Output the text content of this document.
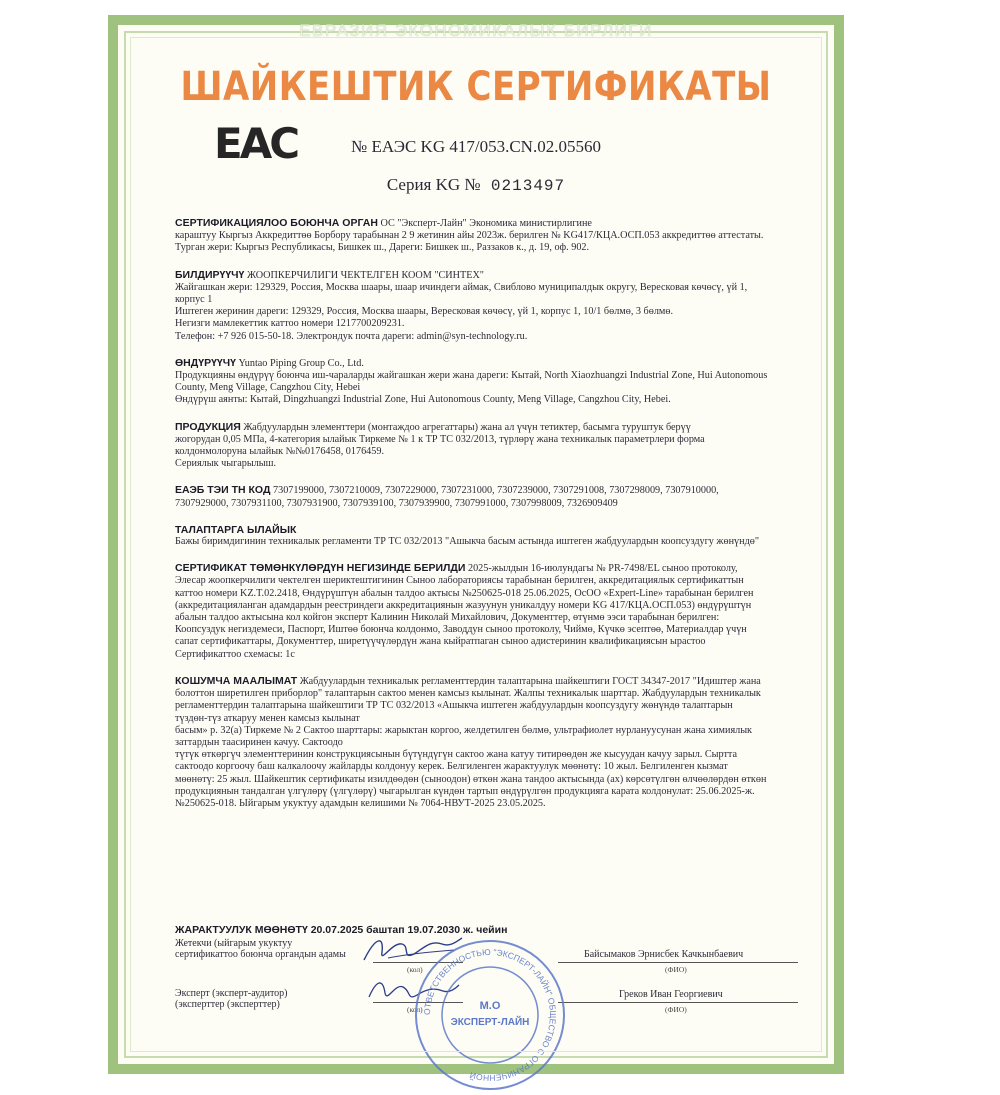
ЕВРАЗИЯ ЭКОНОМИКАЛЫК БИРЛИГИ
ШАЙКЕШТИК СЕРТИФИКАТЫ
EAC	№ ЕАЭС KG 417/053.CN.02.05560
Серия KG № 0213497

СЕРТИФИКАЦИЯЛОО БОЮНЧА ОРГАН ОС "Эксперт-Лайн" Экономика министирлигине

караштуу Кыргыз Аккредиттөө Борбору тарабынан 2 9 жетинин айы 2023ж. берилген № KG417/КЦА.ОСП.053 аккредиттөө аттестаты.

Турган жери: Кыргыз Республикасы, Бишкек ш., Дареги: Бишкек ш., Раззаков к., д. 19, оф. 902.

БИЛДИРҮҮЧҮ ЖООПКЕРЧИЛИГИ ЧЕКТЕЛГЕН КООМ "СИНТЕХ"

Жайгашкан жери: 129329, Россия, Москва шаары, шаар ичиндеги аймак, Свиблово муниципалдык округу, Вересковая көчөсү, үй 1,

корпус 1

Иштеген жеринин дареги: 129329, Россия, Москва шаары, Вересковая көчөсү, үй 1, корпус 1, 10/1 бөлмө, 3 бөлмө.

Негизги мамлекеттик каттоо номери 1217700209231.

Телефон: +7 926 015-50-18. Электрондук почта дареги: admin@syn-technology.ru.

ӨНДҮРҮҮЧҮ Yuntao Piping Group Co., Ltd.

Продукцияны өндүрүү боюнча иш-чараларды жайгашкан жери жана дареги: Кытай, North Xiaozhuangzi Industrial Zone, Hui Autonomous

County, Meng Village, Cangzhou City, Hebei

Өндүрүш аянты: Кытай, Dingzhuangzi Industrial Zone, Hui Autonomous County, Meng Village, Cangzhou City, Hebei.

ПРОДУКЦИЯ Жабдуулардын элементтери (монтаждоо агрегаттары) жана ал үчүн тетиктер, басымга туруштук берүү

жогорудан 0,05 МПа, 4-категория ылайык Тиркеме № 1 к ТР ТС 032/2013, түрлөрү жана техникалык параметрлери форма

колдонмолоруна ылайык №№0176458, 0176459.

Сериялык чыгарылыш.

ЕАЭБ ТЭИ ТН КОД 7307199000, 7307210009, 7307229000, 7307231000, 7307239000, 7307291008, 7307298009, 7307910000,

7307929000, 7307931100, 7307931900, 7307939100, 7307939900, 7307991000, 7307998009, 7326909409

ТАЛАПТАРГА ЫЛАЙЫК

Бажы биримдигинин техникалык регламенти ТР ТС 032/2013 "Ашыкча басым астында иштеген жабдуулардын коопсуздугу жөнүндө"

СЕРТИФИКАТ ТӨМӨНКҮЛӨРДҮН НЕГИЗИНДЕ БЕРИЛДИ 2025-жылдын 16-июлундагы № PR-7498/EL сыноо протоколу,

Элесар жоопкерчилиги чектелген шериктештигинин Сыноо лабораториясы тарабынан берилген, аккредитациялык сертификаттын

каттоо номери KZ.T.02.2418, Өндүрүштүн абалын талдоо актысы №250625-018 25.06.2025, ОсОО «Expert-Line» тарабынан берилген

(аккредитацияланган адамдардын реестриндеги аккредитациянын жазуунун уникалдуу номери KG 417/КЦА.ОСП.053) өндүрүштүн

абалын талдоо актысына кол койгон эксперт Калинин Николай Михайлович, Документтер, өтүнмө ээси тарабынан берилген:

Коопсуздук негиздемеси, Паспорт, Иштөө боюнча колдонмо, Заводдун сыноо протоколу, Чиймө, Күчкө эсептөө, Материалдар үчүн

сапат сертификаттары, Документтер, ширетүүчүлөрдүн жана кыйратпаган сыноо адистеринин квалификациясын ырастоо

Сертификаттоо схемасы: 1с

КОШУМЧА МААЛЫМАТ Жабдуулардын техникалык регламенттердин талаптарына шайкештиги ГОСТ 34347-2017 "Идиштер жана

болоттон ширетилген приборлор" талаптарын сактоо менен камсыз кылынат. Жалпы техникалык шарттар. Жабдуулардын техникалык

регламенттердин талаптарына шайкештиги ТР ТС 032/2013 «Ашыкча иштеген жабдуулардын коопсуздугу жөнүндө талаптарын

түздөн-түз аткаруу менен камсыз кылынат

басым» р. 32(а) Тиркеме № 2 Сактоо шарттары: жарыктан коргоо, желдетилген бөлмө, ультрафиолет нурлануусунан жана химиялык

заттардын таасиринен качуу. Сактоодо

түтүк өткөргүч элементтеринин конструкциясынын бүтүндүгүн сактоо жана катуу титирөөдөн же кысуудан качуу зарыл. Сыртта

сактоодо коргоочу баш калкалоочу жайларды колдонуу керек. Белгиленген жарактуулук мөөнөтү: 10 жыл. Белгиленген кызмат

мөөнөтү: 25 жыл. Шайкештик сертификаты изилдөөдөн (сыноодон) өткөн жана тандоо актысында (ах) көрсөтүлгөн өлчөөлөрдөн өткөн

продукциянын тандалган үлгүлөрү (үлгүлөрү) чыгарылган күндөн тартып өндүрүлгөн продукцияга карата колдонулат: 25.06.2025-ж.

№250625-018. Ыйгарым укуктуу адамдын келишими № 7064-НВУТ-2025 23.05.2025.

ЖАРАКТУУЛУК МӨӨНӨТҮ 20.07.2025 баштап 19.07.2030 ж. чейин
Жетекчи (ыйгарым укуктуу
сертификаттоо боюнча органдын адамы
(кол)
Байсымаков Эрнисбек Качкынбаевич
(ФИО)
Эксперт (эксперт-аудитор)
(эксперттер (эксперттер)	(кол)
Греков Иван Георгиевич
(ФИО)
ОТВЕТСТВЕННОСТЬЮ "ЭКСПЕРТ-ЛАЙН" ОБЩЕСТВО С ОГРАНИЧЕННОЙ
М.О
ЭКСПЕРТ-ЛАЙН
